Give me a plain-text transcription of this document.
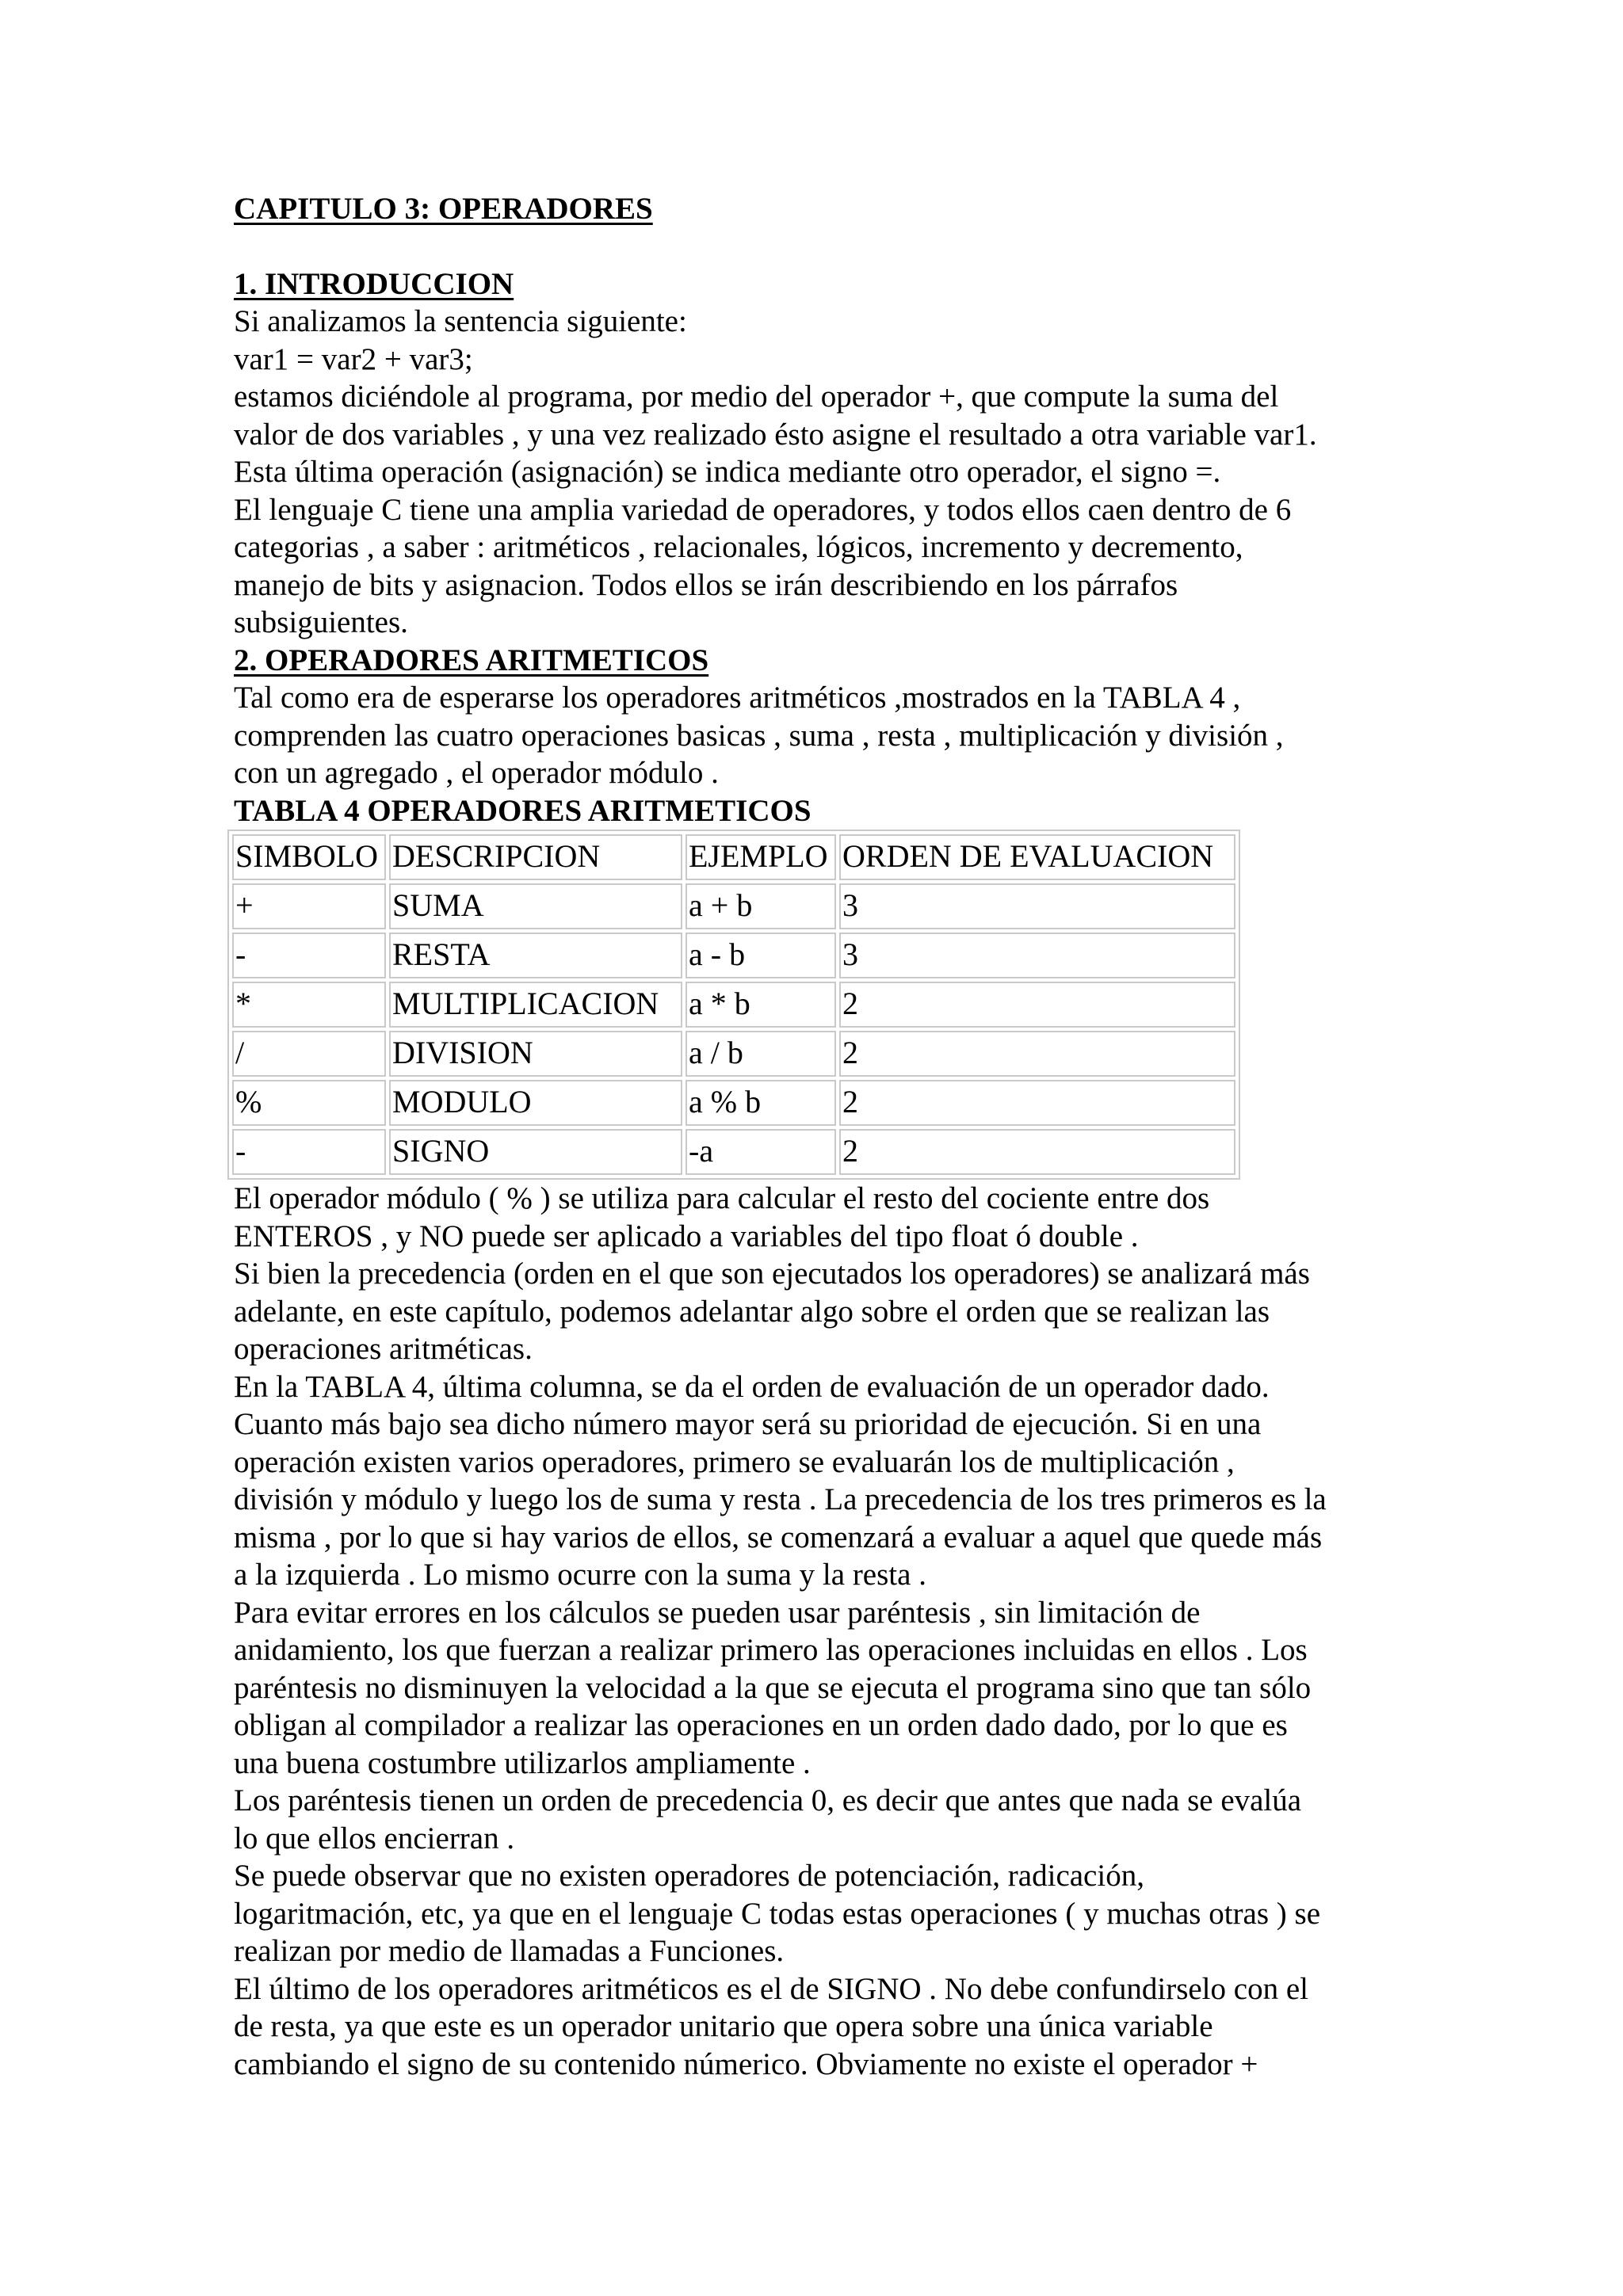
CAPITULO 3: OPERADORES
1. INTRODUCCION
Si analizamos la sentencia siguiente:
var1 = var2 + var3;
estamos diciéndole al programa, por medio del operador +, que compute la suma del
valor de dos variables , y una vez realizado ésto asigne el resultado a otra variable var1.
Esta última operación (asignación) se indica mediante otro operador, el signo =.
El lenguaje C tiene una amplia variedad de operadores, y todos ellos caen dentro de 6
categorias , a saber : aritméticos , relacionales, lógicos, incremento y decremento,
manejo de bits y asignacion. Todos ellos se irán describiendo en los párrafos
subsiguientes.
2. OPERADORES ARITMETICOS
Tal como era de esperarse los operadores aritméticos ,mostrados en la TABLA 4 ,
comprenden las cuatro operaciones basicas , suma , resta , multiplicación y división ,
con un agregado , el operador módulo .
TABLA 4 OPERADORES ARITMETICOS
SIMBOLO	DESCRIPCION	EJEMPLO	ORDEN DE EVALUACION
+	SUMA	a + b	3
-	RESTA	a - b	3
*	MULTIPLICACION	a * b	2
/	DIVISION	a / b	2
%	MODULO	a % b	2
-	SIGNO	-a	2
El operador módulo ( % ) se utiliza para calcular el resto del cociente entre dos
ENTEROS , y NO puede ser aplicado a variables del tipo float ó double .
Si bien la precedencia (orden en el que son ejecutados los operadores) se analizará más
adelante, en este capítulo, podemos adelantar algo sobre el orden que se realizan las
operaciones aritméticas.
En la TABLA 4, última columna, se da el orden de evaluación de un operador dado.
Cuanto más bajo sea dicho número mayor será su prioridad de ejecución. Si en una
operación existen varios operadores, primero se evaluarán los de multiplicación ,
división y módulo y luego los de suma y resta . La precedencia de los tres primeros es la
misma , por lo que si hay varios de ellos, se comenzará a evaluar a aquel que quede más
a la izquierda . Lo mismo ocurre con la suma y la resta .
Para evitar errores en los cálculos se pueden usar paréntesis , sin limitación de
anidamiento, los que fuerzan a realizar primero las operaciones incluidas en ellos . Los
paréntesis no disminuyen la velocidad a la que se ejecuta el programa sino que tan sólo
obligan al compilador a realizar las operaciones en un orden dado dado, por lo que es
una buena costumbre utilizarlos ampliamente .
Los paréntesis tienen un orden de precedencia 0, es decir que antes que nada se evalúa
lo que ellos encierran .
Se puede observar que no existen operadores de potenciación, radicación,
logaritmación, etc, ya que en el lenguaje C todas estas operaciones ( y muchas otras ) se
realizan por medio de llamadas a Funciones.
El último de los operadores aritméticos es el de SIGNO . No debe confundirselo con el
de resta, ya que este es un operador unitario que opera sobre una única variable
cambiando el signo de su contenido númerico. Obviamente no existe el operador +
